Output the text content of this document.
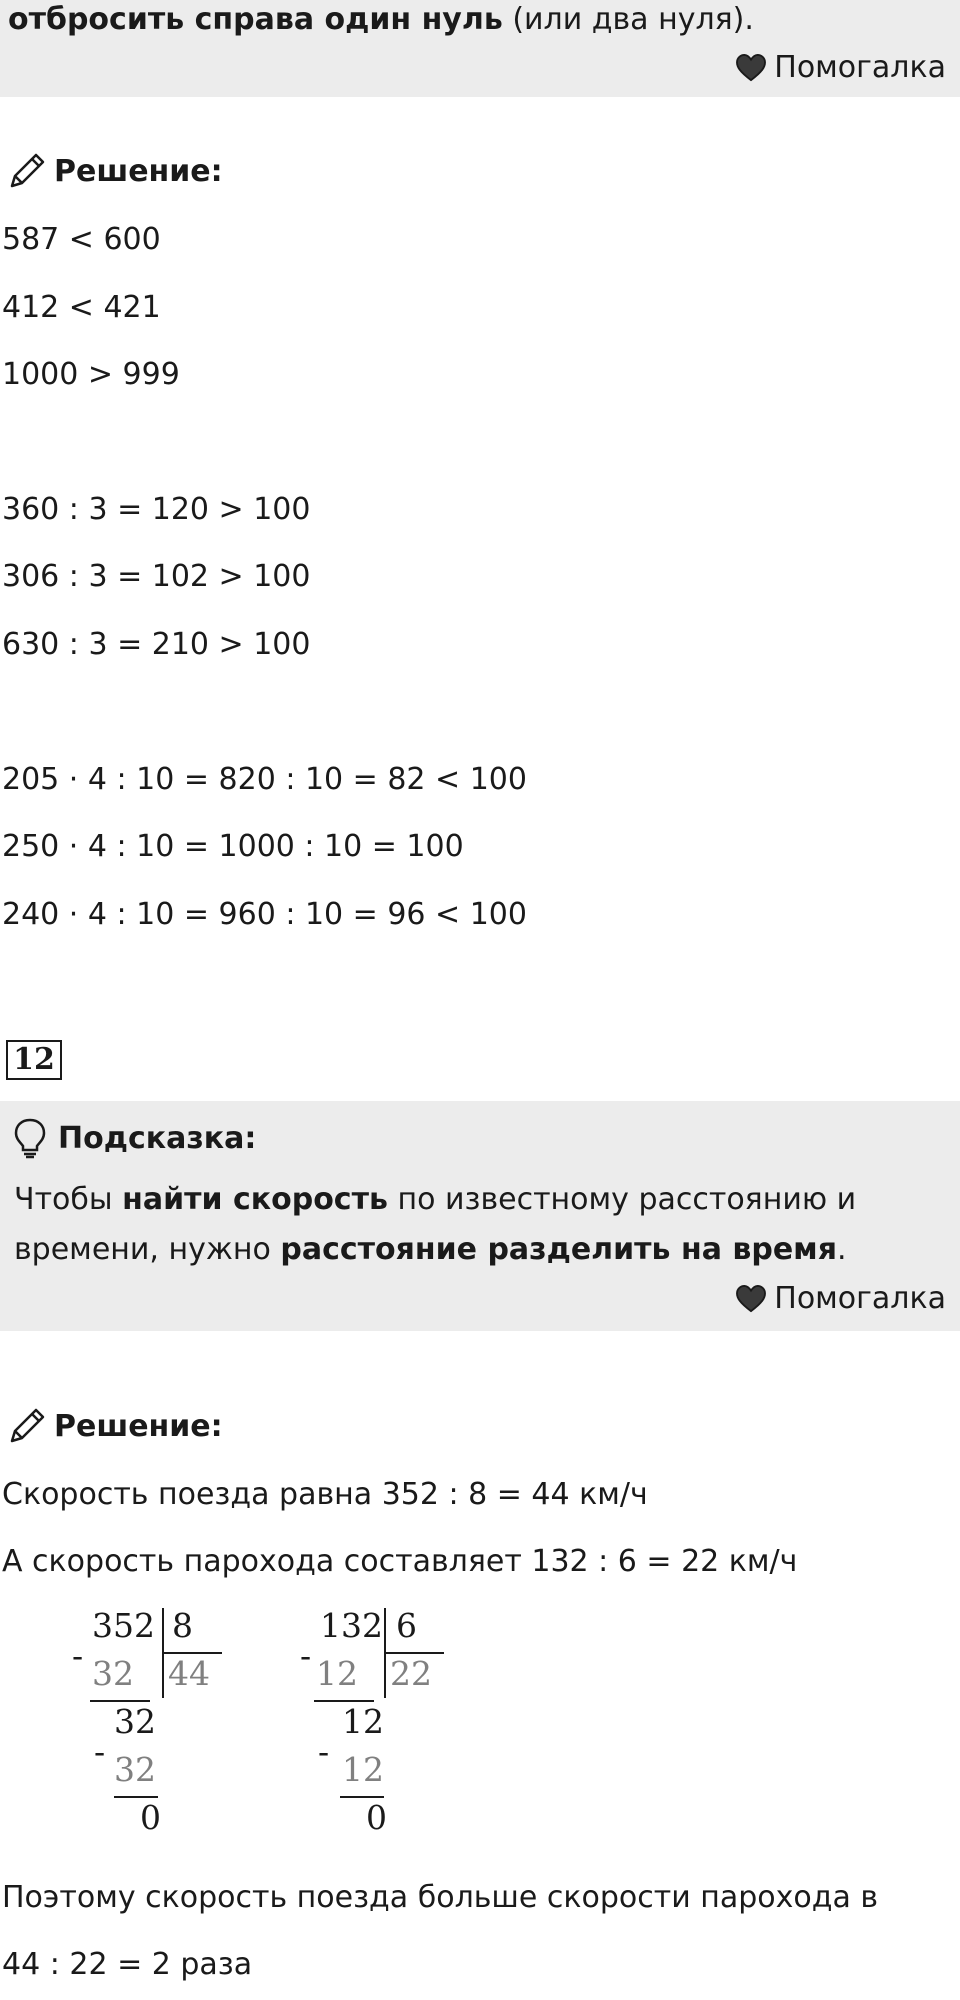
отбросить справа один нуль (или два нуля).
Помогалка
Решение:
587 < 600
412 < 421
1000 > 999
360 : 3 = 120 > 100
306 : 3 = 102 > 100
630 : 3 = 210 > 100
205 · 4 : 10 = 820 : 10 = 82 < 100
250 · 4 : 10 = 1000 : 10 = 100
240 · 4 : 10 = 960 : 10 = 96 < 100
12
Подсказка:
Чтобы найти скорость по известному расстоянию и
времени, нужно расстояние разделить на время.
Помогалка
Решение:
Скорость поезда равна 352 : 8 = 44 км/ч
А скорость парохода составляет 132 : 6 = 22 км/ч
352 8
- 32 44
32
- 32
0
132 6
- 12 22
12
- 12
0
Поэтому скорость поезда больше скорости парохода в
44 : 22 = 2 раза
